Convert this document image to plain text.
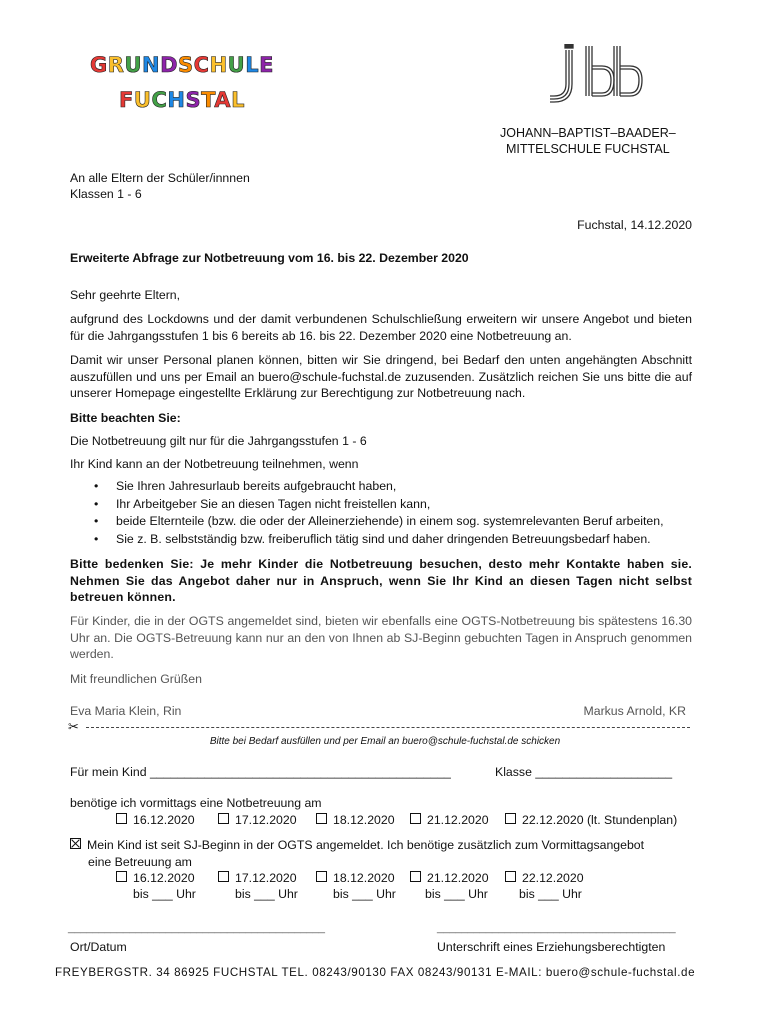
GRUNDSCHULE
FUCHSTAL
JOHANN–BAPTIST–BAADER–
MITTELSCHULE FUCHSTAL
An alle Eltern der Schüler/innnen
Klassen 1 - 6
Fuchstal, 14.12.2020
Erweiterte Abfrage zur Notbetreuung vom 16. bis 22. Dezember 2020
Sehr geehrte Eltern,
aufgrund des Lockdowns und der damit verbundenen Schulschließung erweitern wir unsere Angebot und bieten für die Jahrgangsstufen 1 bis 6 bereits ab 16. bis 22. Dezember 2020 eine Notbetreuung an.
Damit wir unser Personal planen können, bitten wir Sie dringend, bei Bedarf den unten angehängten Abschnitt auszufüllen und uns per Email an buero@schule-fuchstal.de zuzusenden. Zusätzlich reichen Sie uns bitte die auf unserer Homepage eingestellte Erklärung zur Berechtigung zur Notbetreuung nach.
Bitte beachten Sie:
Die Notbetreuung gilt nur für die Jahrgangsstufen 1 - 6
Ihr Kind kann an der Notbetreuung teilnehmen, wenn
• Sie Ihren Jahresurlaub bereits aufgebraucht haben,
• Ihr Arbeitgeber Sie an diesen Tagen nicht freistellen kann,
• beide Elternteile (bzw. die oder der Alleinerziehende) in einem sog. systemrelevanten Beruf arbeiten,
• Sie z. B. selbstständig bzw. freiberuflich tätig sind und daher dringenden Betreuungsbedarf haben.
Bitte bedenken Sie: Je mehr Kinder die Notbetreuung besuchen, desto mehr Kontakte haben sie. Nehmen Sie das Angebot daher nur in Anspruch, wenn Sie Ihr Kind an diesen Tagen nicht selbst betreuen können.
Für Kinder, die in der OGTS angemeldet sind, bieten wir ebenfalls eine OGTS-Notbetreuung bis spätestens 16.30 Uhr an. Die OGTS-Betreuung kann nur an den von Ihnen ab SJ-Beginn gebuchten Tagen in Anspruch genommen werden.
Mit freundlichen Grüßen
Eva Maria Klein, Rin	Markus Arnold, KR
✂
Bitte bei Bedarf ausfüllen und per Email an buero@schule-fuchstal.de schicken
Für mein Kind ____________________________________________	Klasse ____________________
benötige ich vormittags eine Notbetreuung am
16.12.2020	17.12.2020	18.12.2020	21.12.2020	22.12.2020 (lt. Stundenplan)
Mein Kind ist seit SJ-Beginn in der OGTS angemeldet. Ich benötige zusätzlich zum Vormittagsangebot
eine Betreuung am
16.12.2020	17.12.2020	18.12.2020	21.12.2020	22.12.2020
bis ___ Uhr	bis ___ Uhr	bis ___ Uhr bis ___ Uhr	bis ___ Uhr
__________________________________________	_______________________________________
Ort/Datum	Unterschrift eines Erziehungsberechtigten
FREYBERGSTR. 34 86925 FUCHSTAL TEL. 08243/90130 FAX 08243/90131 E-MAIL: buero@schule-fuchstal.de
